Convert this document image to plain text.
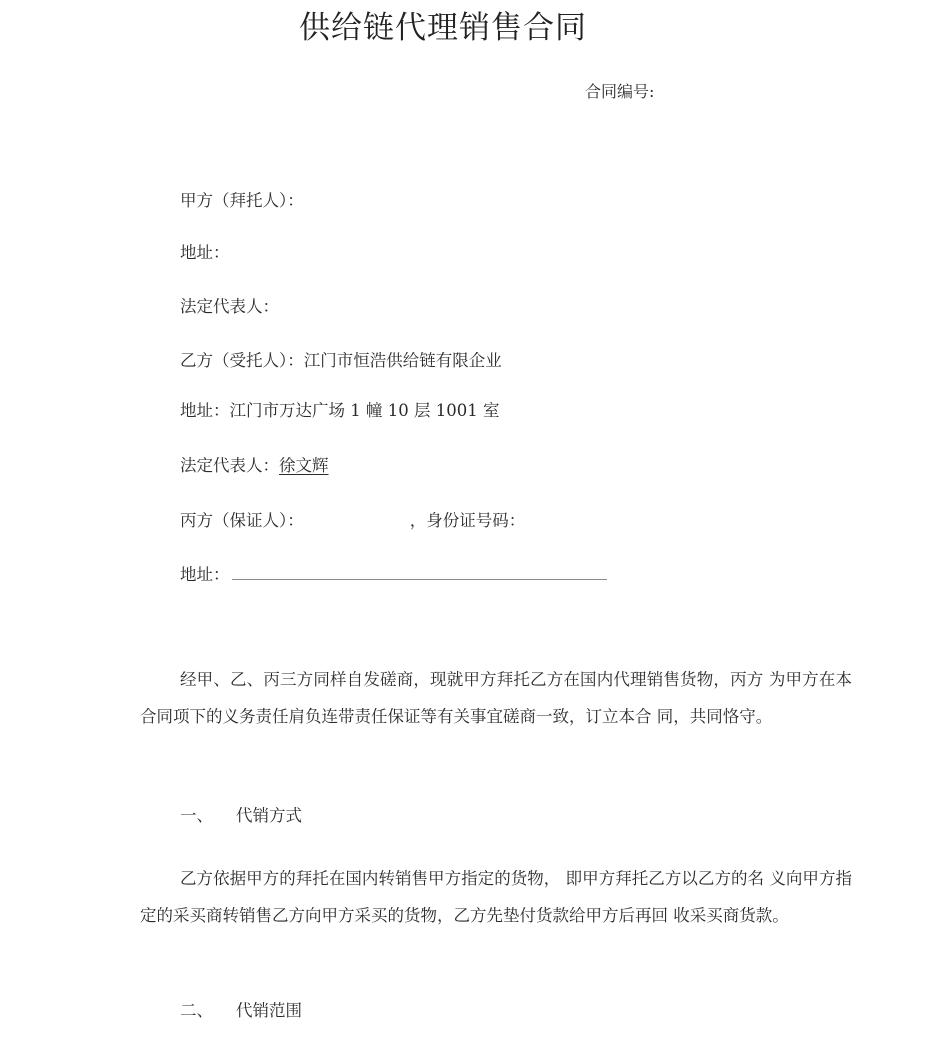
供给链代理销售合同
合同编号:
甲方（拜托人）：
地址：
法定代表人：
乙方（受托人）：江门市恒浩供给链有限企业
地址：江门市万达广场 1 幢 10 层 1001 室
法定代表人：徐文辉
丙方（保证人）：	，身份证号码：
地址：
经甲、乙、丙三方同样自发磋商，现就甲方拜托乙方在国内代理销售货物，丙方 为甲方在本合同项下的义务责任肩负连带责任保证等有关事宜磋商一致，订立本合 同，共同恪守。
一、 代销方式
乙方依据甲方的拜托在国内转销售甲方指定的货物， 即甲方拜托乙方以乙方的名 义向甲方指定的采买商转销售乙方向甲方采买的货物，乙方先垫付货款给甲方后再回 收采买商货款。
二、 代销范围
